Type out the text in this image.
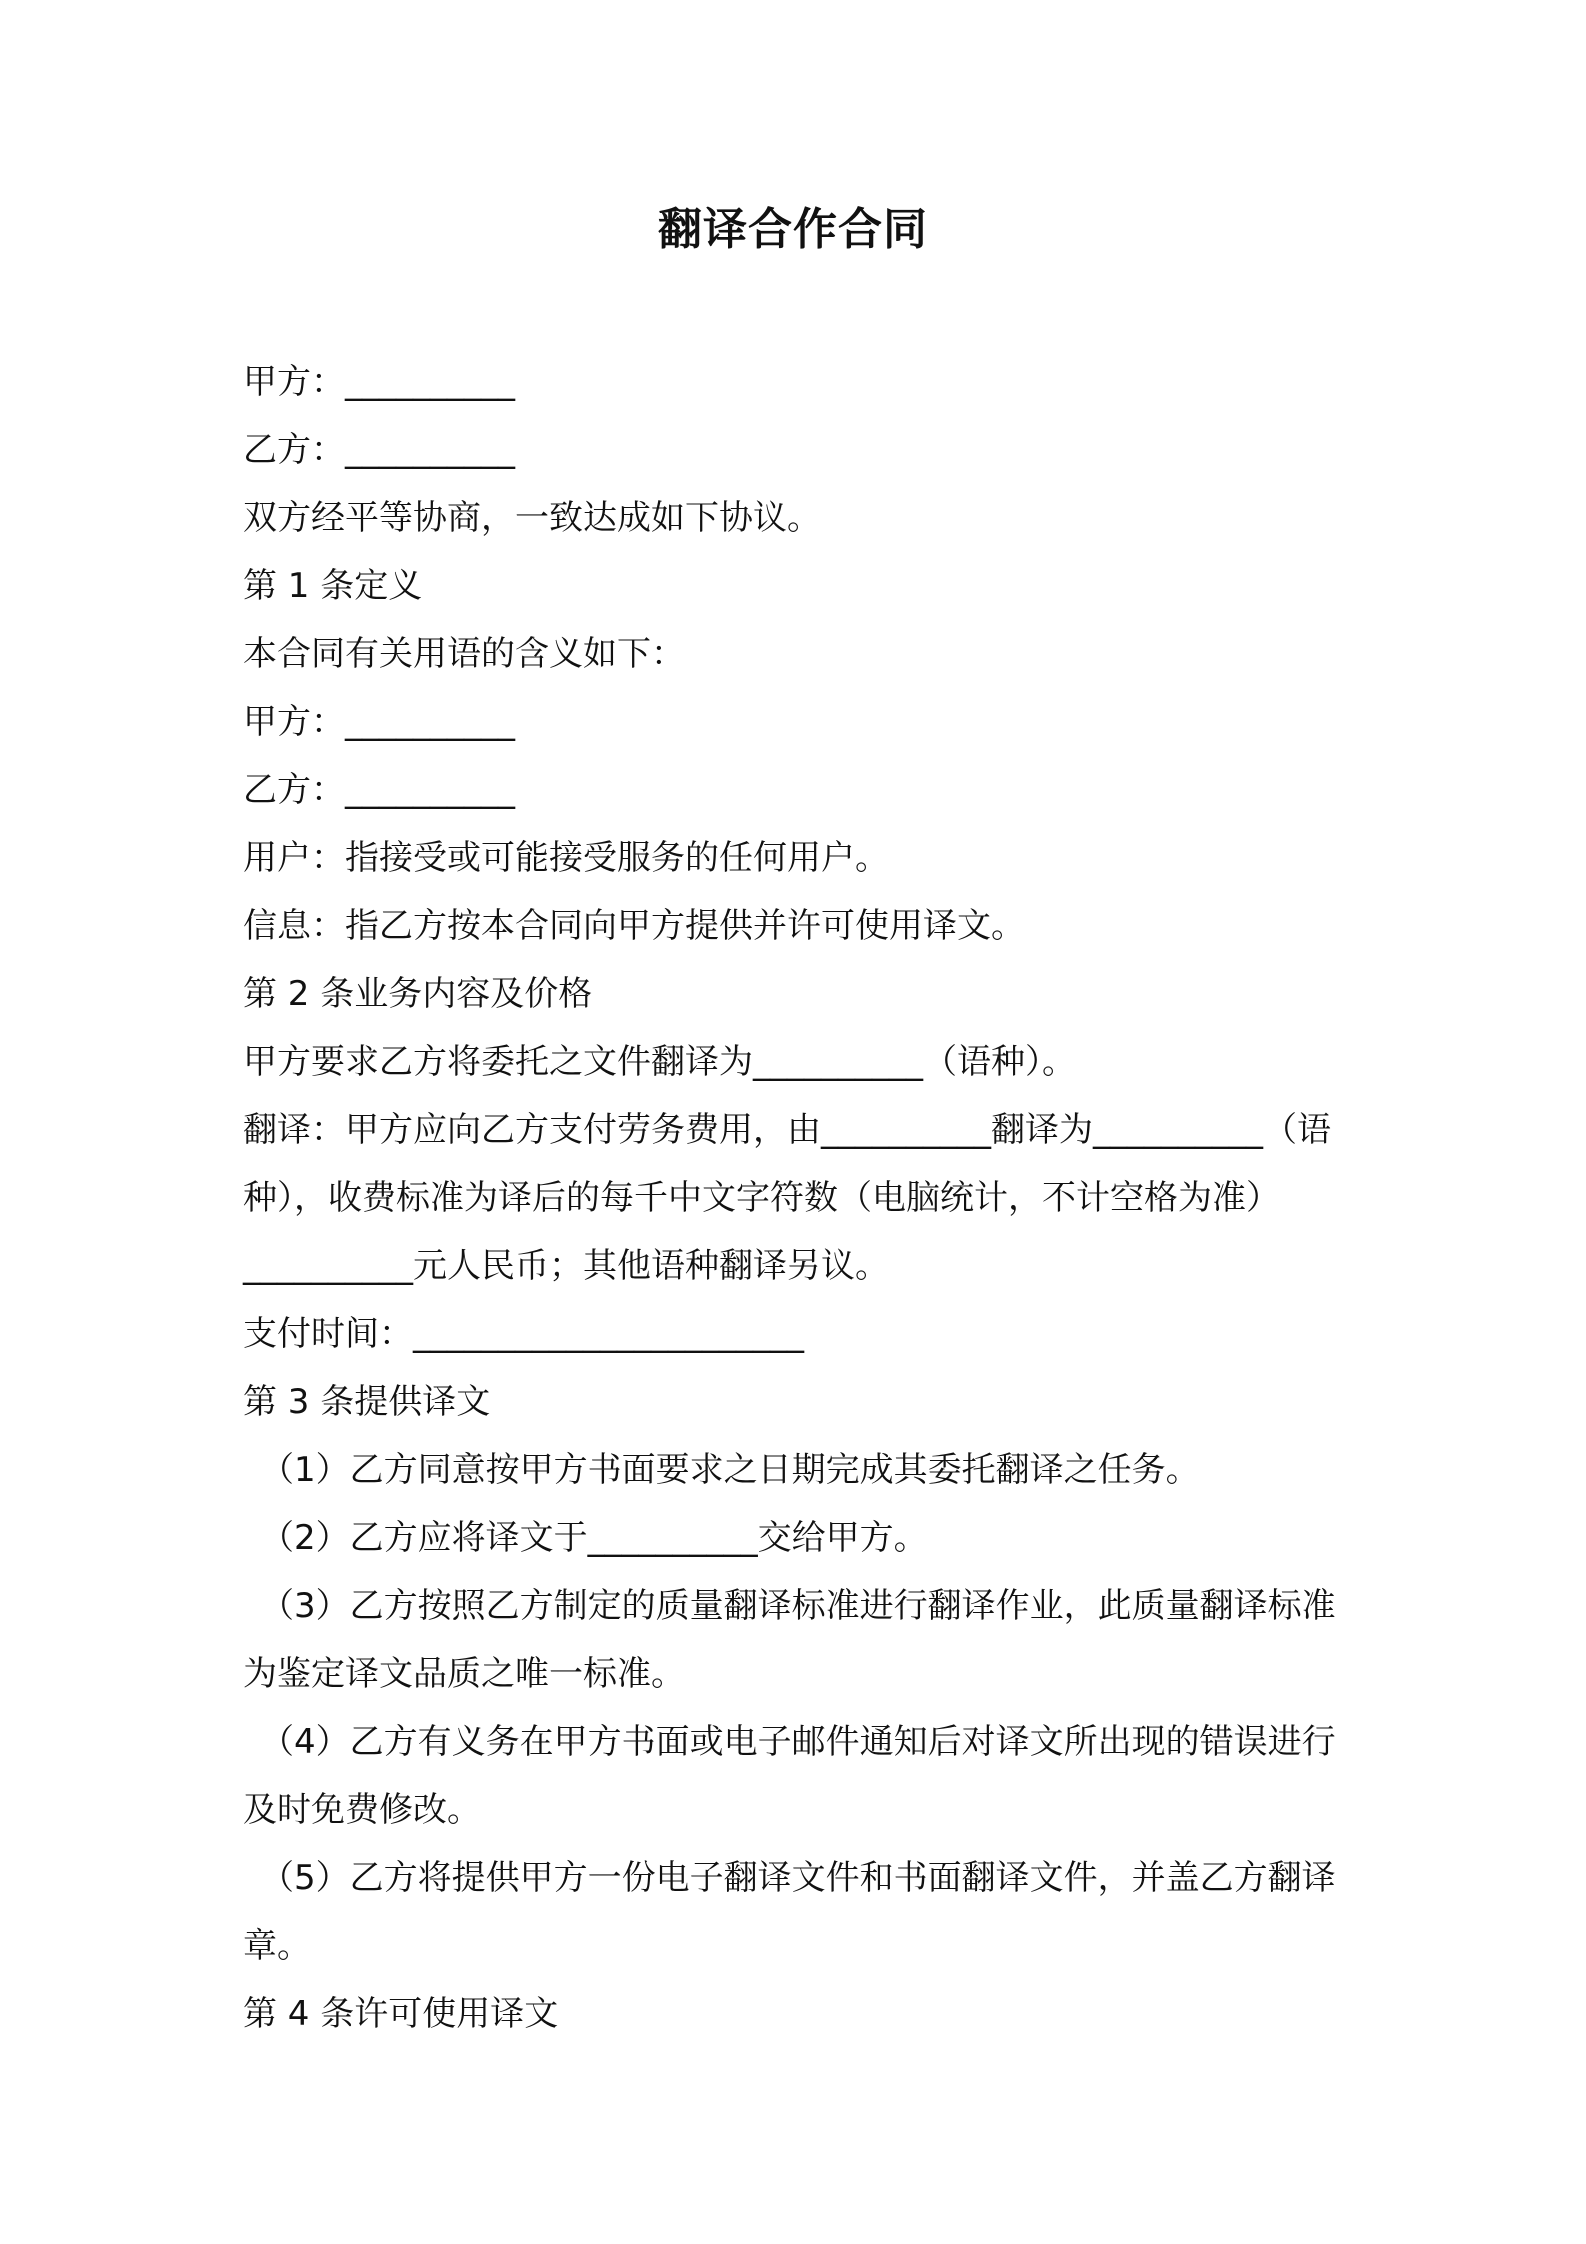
翻译合作合同

甲方：__________

乙方：__________

双方经平等协商，一致达成如下协议。

第 1 条定义

本合同有关用语的含义如下：

甲方：__________

乙方：__________

用户：指接受或可能接受服务的任何用户。

信息：指乙方按本合同向甲方提供并许可使用译文。

第 2 条业务内容及价格

甲方要求乙方将委托之文件翻译为__________（语种）。

翻译：甲方应向乙方支付劳务费用，由__________翻译为__________（语种），收费标准为译后的每千中文字符数（电脑统计，不计空格为准）__________元人民币；其他语种翻译另议。

支付时间：_______________________

第 3 条提供译文

（1）乙方同意按甲方书面要求之日期完成其委托翻译之任务。

（2）乙方应将译文于__________交给甲方。

（3）乙方按照乙方制定的质量翻译标准进行翻译作业，此质量翻译标准为鉴定译文品质之唯一标准。

（4）乙方有义务在甲方书面或电子邮件通知后对译文所出现的错误进行及时免费修改。

（5）乙方将提供甲方一份电子翻译文件和书面翻译文件，并盖乙方翻译章。

第 4 条许可使用译文
